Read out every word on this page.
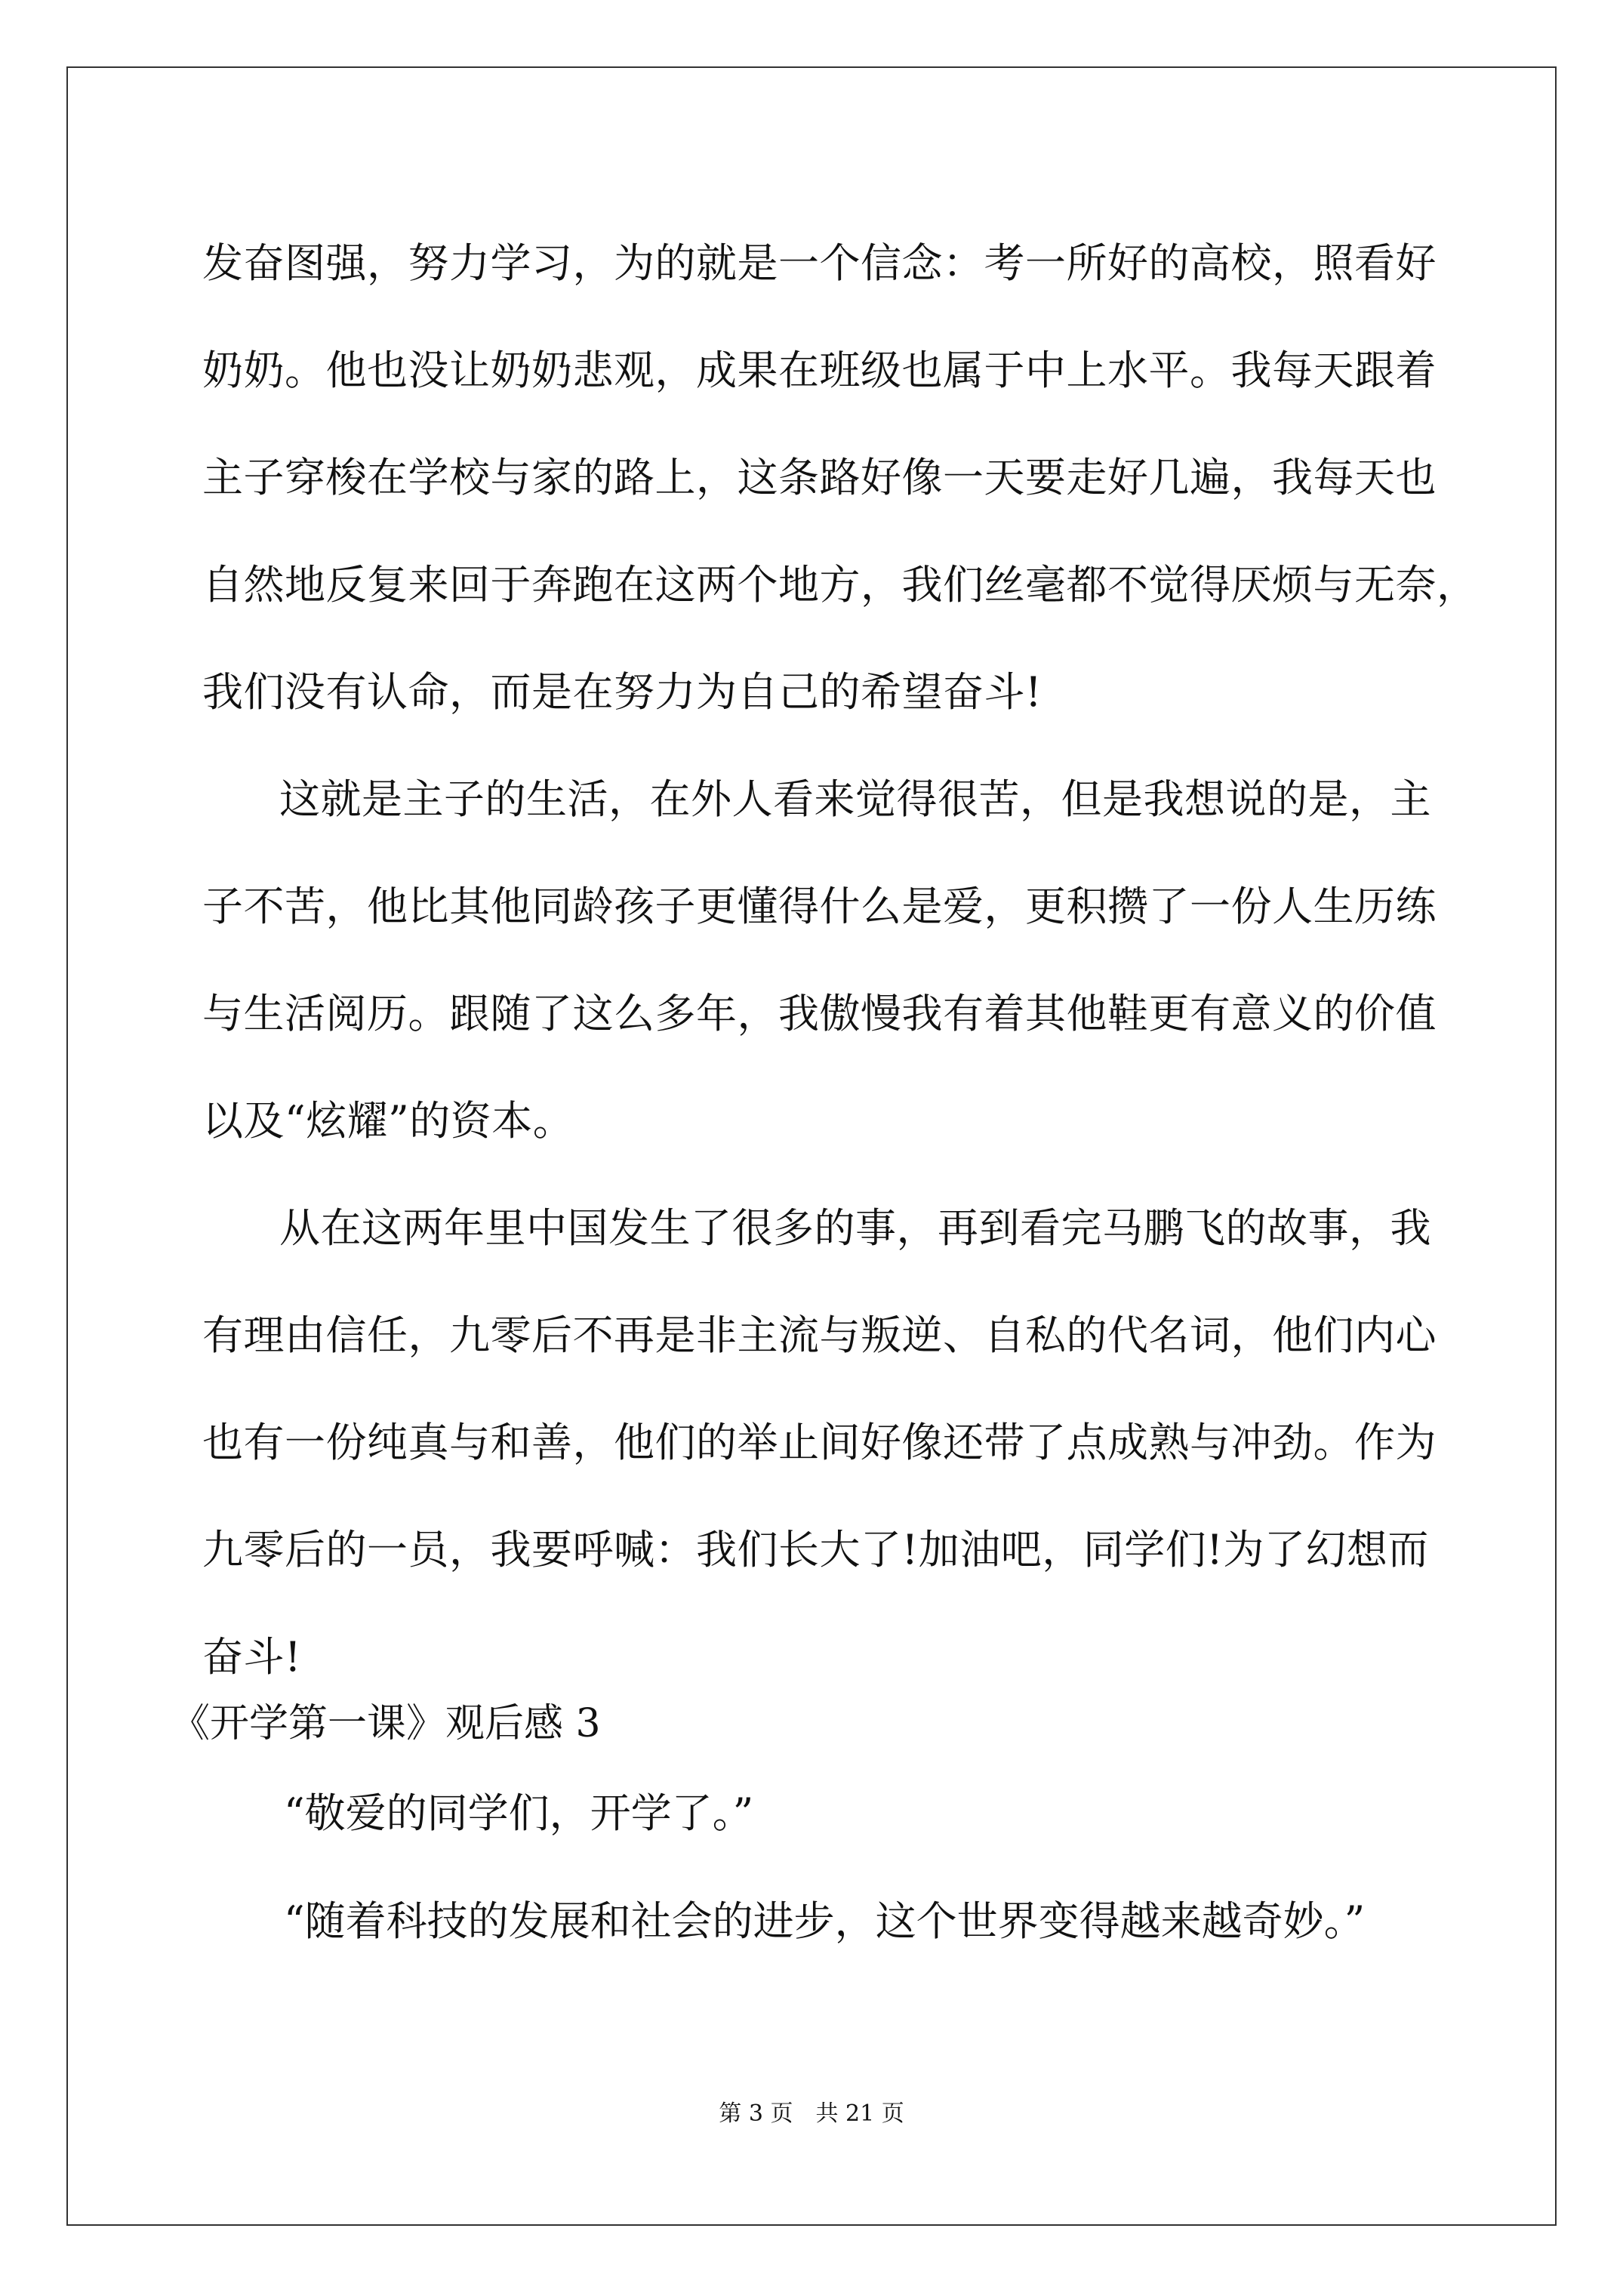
发奋图强，努力学习，为的就是一个信念：考一所好的高校，照看好
奶奶。他也没让奶奶悲观，成果在班级也属于中上水平。我每天跟着
主子穿梭在学校与家的路上，这条路好像一天要走好几遍，我每天也
自然地反复来回于奔跑在这两个地方，我们丝毫都不觉得厌烦与无奈，
我们没有认命，而是在努力为自己的希望奋斗!
这就是主子的生活，在外人看来觉得很苦，但是我想说的是，主
子不苦，他比其他同龄孩子更懂得什么是爱，更积攒了一份人生历练
与生活阅历。跟随了这么多年，我傲慢我有着其他鞋更有意义的价值
以及“炫耀”的资本。
从在这两年里中国发生了很多的事，再到看完马鹏飞的故事，我
有理由信任，九零后不再是非主流与叛逆、自私的代名词，他们内心
也有一份纯真与和善，他们的举止间好像还带了点成熟与冲劲。作为
九零后的一员，我要呼喊：我们长大了!加油吧，同学们!为了幻想而
奋斗!
《开学第一课》观后感 3
“敬爱的同学们，开学了。”
“随着科技的发展和社会的进步，这个世界变得越来越奇妙。”
第 3 页　共 21 页
